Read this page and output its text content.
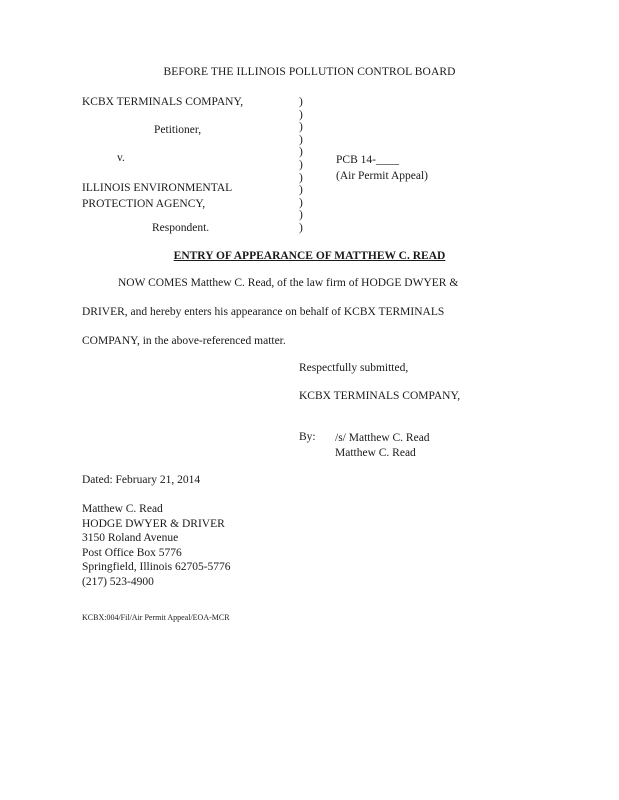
BEFORE THE ILLINOIS POLLUTION CONTROL BOARD
KCBX TERMINALS COMPANY,
Petitioner,
v.
ILLINOIS ENVIRONMENTAL
PROTECTION AGENCY,
Respondent.
)
)
)
)
)
)
)
)
)
)
)
PCB 14-____
(Air Permit Appeal)
ENTRY OF APPEARANCE OF MATTHEW C. READ
NOW COMES Matthew C. Read, of the law firm of HODGE DWYER &
DRIVER, and hereby enters his appearance on behalf of KCBX TERMINALS
COMPANY, in the above-referenced matter.
Respectfully submitted,
KCBX TERMINALS COMPANY,
By: /s/ Matthew C. Read
Matthew C. Read
Dated: February 21, 2014
Matthew C. Read
HODGE DWYER & DRIVER
3150 Roland Avenue
Post Office Box 5776
Springfield, Illinois 62705-5776
(217) 523-4900
KCBX:004/Fil/Air Permit Appeal/EOA-MCR
